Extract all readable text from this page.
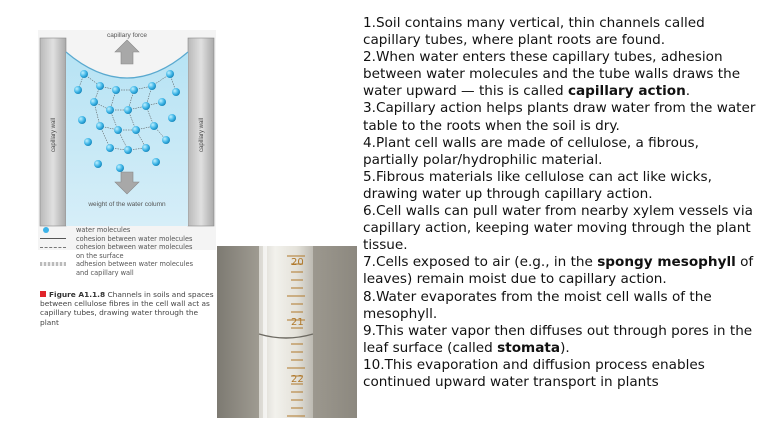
capillary force
weight of the water column
capillary wall	capillary wall
water molecules
cohesion between water molecules
cohesion between water molecules on the surface
adhesion between water molecules and capillary wall
Figure A1.1.8 Channels in soils and spaces between cellulose fibres in the cell wall act as capillary tubes, drawing water through the plant
20
21
22

1.Soil contains many vertical, thin channels called capillary tubes, where plant roots are found.

2.When water enters these capillary tubes, adhesion between water molecules and the tube walls draws the water upward — this is called capillary action.

3.Capillary action helps plants draw water from the water table to the roots when the soil is dry.

4.Plant cell walls are made of cellulose, a fibrous, partially polar/hydrophilic material.

5.Fibrous materials like cellulose can act like wicks, drawing water up through capillary action.

6.Cell walls can pull water from nearby xylem vessels via capillary action, keeping water moving through the plant tissue.

7.Cells exposed to air (e.g., in the spongy mesophyll of leaves) remain moist due to capillary action.

8.Water evaporates from the moist cell walls of the mesophyll.

9.This water vapor then diffuses out through pores in the leaf surface (called stomata).

10.This evaporation and diffusion process enables continued upward water transport in plants
